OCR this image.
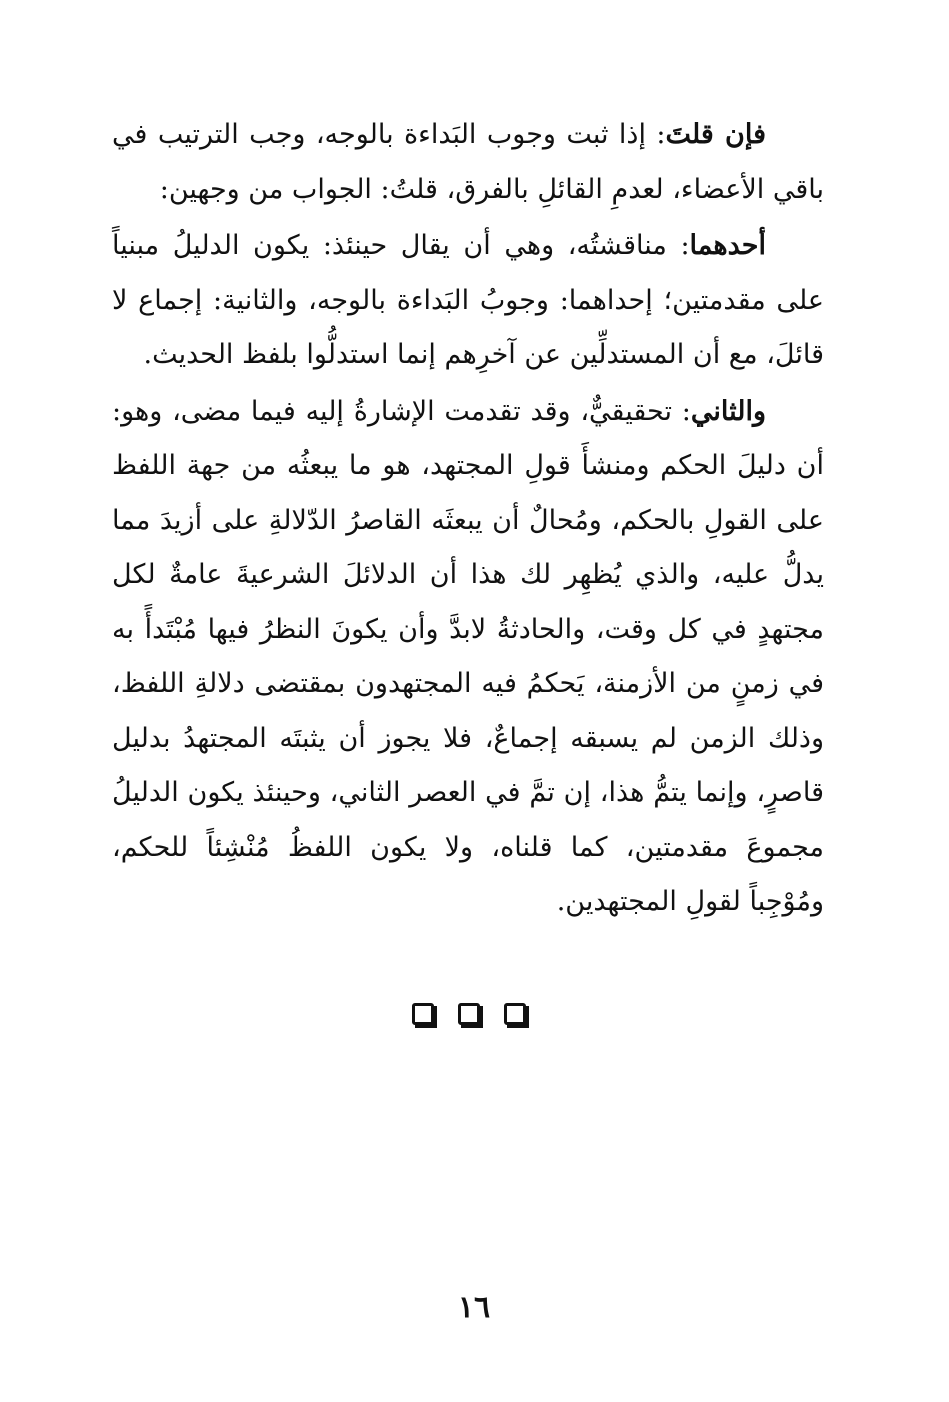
فإن قلتَ: إذا ثبت وجوب البَداءة بالوجه، وجب الترتيب في باقي الأعضاء، لعدمِ القائلِ بالفرق، قلتُ: الجواب من وجهين:

أحدهما: مناقشتُه، وهي أن يقال حينئذ: يكون الدليلُ مبنياً على مقدمتين؛ إحداهما: وجوبُ البَداءة بالوجه، والثانية: إجماع لا قائلَ، مع أن المستدلِّين عن آخرِهم إنما استدلُّوا بلفظ الحديث.

والثاني: تحقيقيٌّ، وقد تقدمت الإشارةُ إليه فيما مضى، وهو: أن دليلَ الحكم ومنشأَ قولِ المجتهد، هو ما يبعثُه من جهة اللفظ على القولِ بالحكم، ومُحالٌ أن يبعثَه القاصرُ الدّلالةِ على أزيدَ مما يدلُّ عليه، والذي يُظهِر لك هذا أن الدلائلَ الشرعيةَ عامةٌ لكل مجتهدٍ في كل وقت، والحادثةُ لابدَّ وأن يكونَ النظرُ فيها مُبْتَدأً به في زمنٍ من الأزمنة، يَحكمُ فيه المجتهدون بمقتضى دلالةِ اللفظ، وذلك الزمن لم يسبقه إجماعٌ، فلا يجوز أن يثبتَه المجتهدُ بدليل قاصرٍ، وإنما يتمُّ هذا، إن تمَّ في العصر الثاني، وحينئذ يكون الدليلُ مجموعَ مقدمتين، كما قلناه، ولا يكون اللفظُ مُنْشِئاً للحكم، ومُوْجِباً لقولِ المجتهدين.

١٦
